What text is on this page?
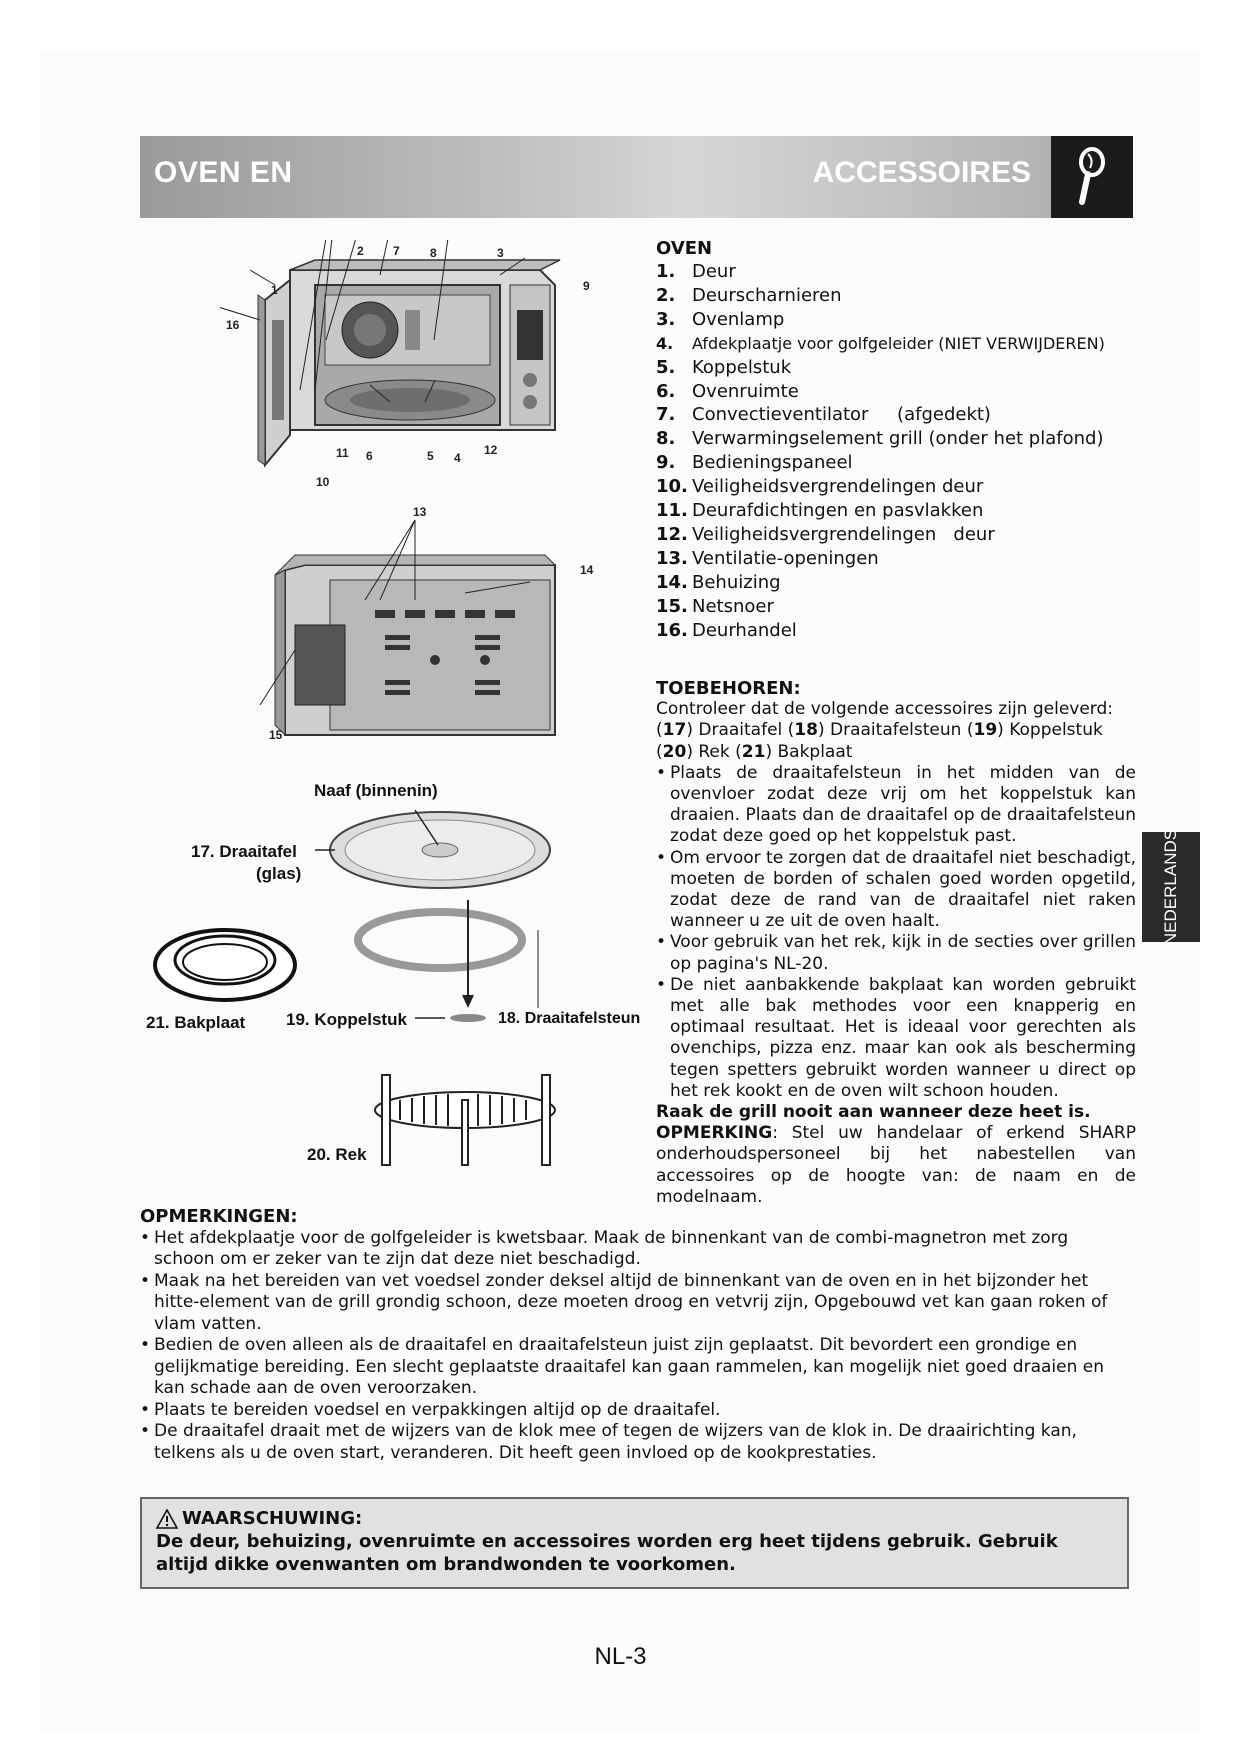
OVEN EN	ACCESSOIRES
NEDERLANDS
1
2 7	8	3
9
16
11 6	5 4
12
10
13
14
15
Naaf (binnenin)
17. Draaitafel
(glas)
21. Bakplaat 19. Koppelstuk	18. Draaitafelsteun
20. Rek
OVEN
1. Deur
2. Deurscharnieren
3. Ovenlamp
4. Afdekplaatje voor golfgeleider (NIET VERWIJDEREN)
5. Koppelstuk
6. Ovenruimte
7. Convectieventilator     (afgedekt)
8. Verwarmingselement grill (onder het plafond)
9. Bedieningspaneel
10. Veiligheidsvergrendelingen deur
11. Deurafdichtingen en pasvlakken
12. Veiligheidsvergrendelingen   deur
13. Ventilatie-openingen
14. Behuizing
15. Netsnoer
16. Deurhandel
TOEBEHOREN:

Controleer dat de volgende accessoires zijn geleverd:

(17) Draaitafel (18) Draaitafelsteun (19) Koppelstuk (20) Rek (21) Bakplaat

• Plaats de draaitafelsteun in het midden van de ovenvloer zodat deze vrij om het koppelstuk kan draaien. Plaats dan de draaitafel op de draaitafelsteun zodat deze goed op het koppelstuk past.
• Om ervoor te zorgen dat de draaitafel niet beschadigt, moeten de borden of schalen goed worden opgetild, zodat deze de rand van de draaitafel niet raken wanneer u ze uit de oven haalt.
• Voor gebruik van het rek, kijk in de secties over grillen op pagina's NL-20.
• De niet aanbakkende bakplaat kan worden gebruikt met alle bak methodes voor een knapperig en optimaal resultaat. Het is ideaal voor gerechten als ovenchips, pizza enz. maar kan ook als bescherming tegen spetters gebruikt worden wanneer u direct op het rek kookt en de oven wilt schoon houden.

Raak de grill nooit aan wanneer deze heet is.

OPMERKING: Stel uw handelaar of erkend SHARP onderhoudspersoneel bij het nabestellen van accessoires op de hoogte van: de naam en de modelnaam.

OPMERKINGEN:
• Het afdekplaatje voor de golfgeleider is kwetsbaar. Maak de binnenkant van de combi-magnetron met zorg schoon om er zeker van te zijn dat deze niet beschadigd.
• Maak na het bereiden van vet voedsel zonder deksel altijd de binnenkant van de oven en in het bijzonder het hitte-element van de grill grondig schoon, deze moeten droog en vetvrij zijn, Opgebouwd vet kan gaan roken of vlam vatten.
• Bedien de oven alleen als de draaitafel en draaitafelsteun juist zijn geplaatst. Dit bevordert een grondige en gelijkmatige bereiding. Een slecht geplaatste draaitafel kan gaan rammelen, kan mogelijk niet goed draaien en kan schade aan de oven veroorzaken.
• Plaats te bereiden voedsel en verpakkingen altijd op de draaitafel.
• De draaitafel draait met de wijzers van de klok mee of tegen de wijzers van de klok in. De draairichting kan, telkens als u de oven start, veranderen. Dit heeft geen invloed op de kookprestaties.
WAARSCHUWING:
De deur, behuizing, ovenruimte en accessoires worden erg heet tijdens gebruik. Gebruik altijd dikke ovenwanten om brandwonden te voorkomen.
NL-3
